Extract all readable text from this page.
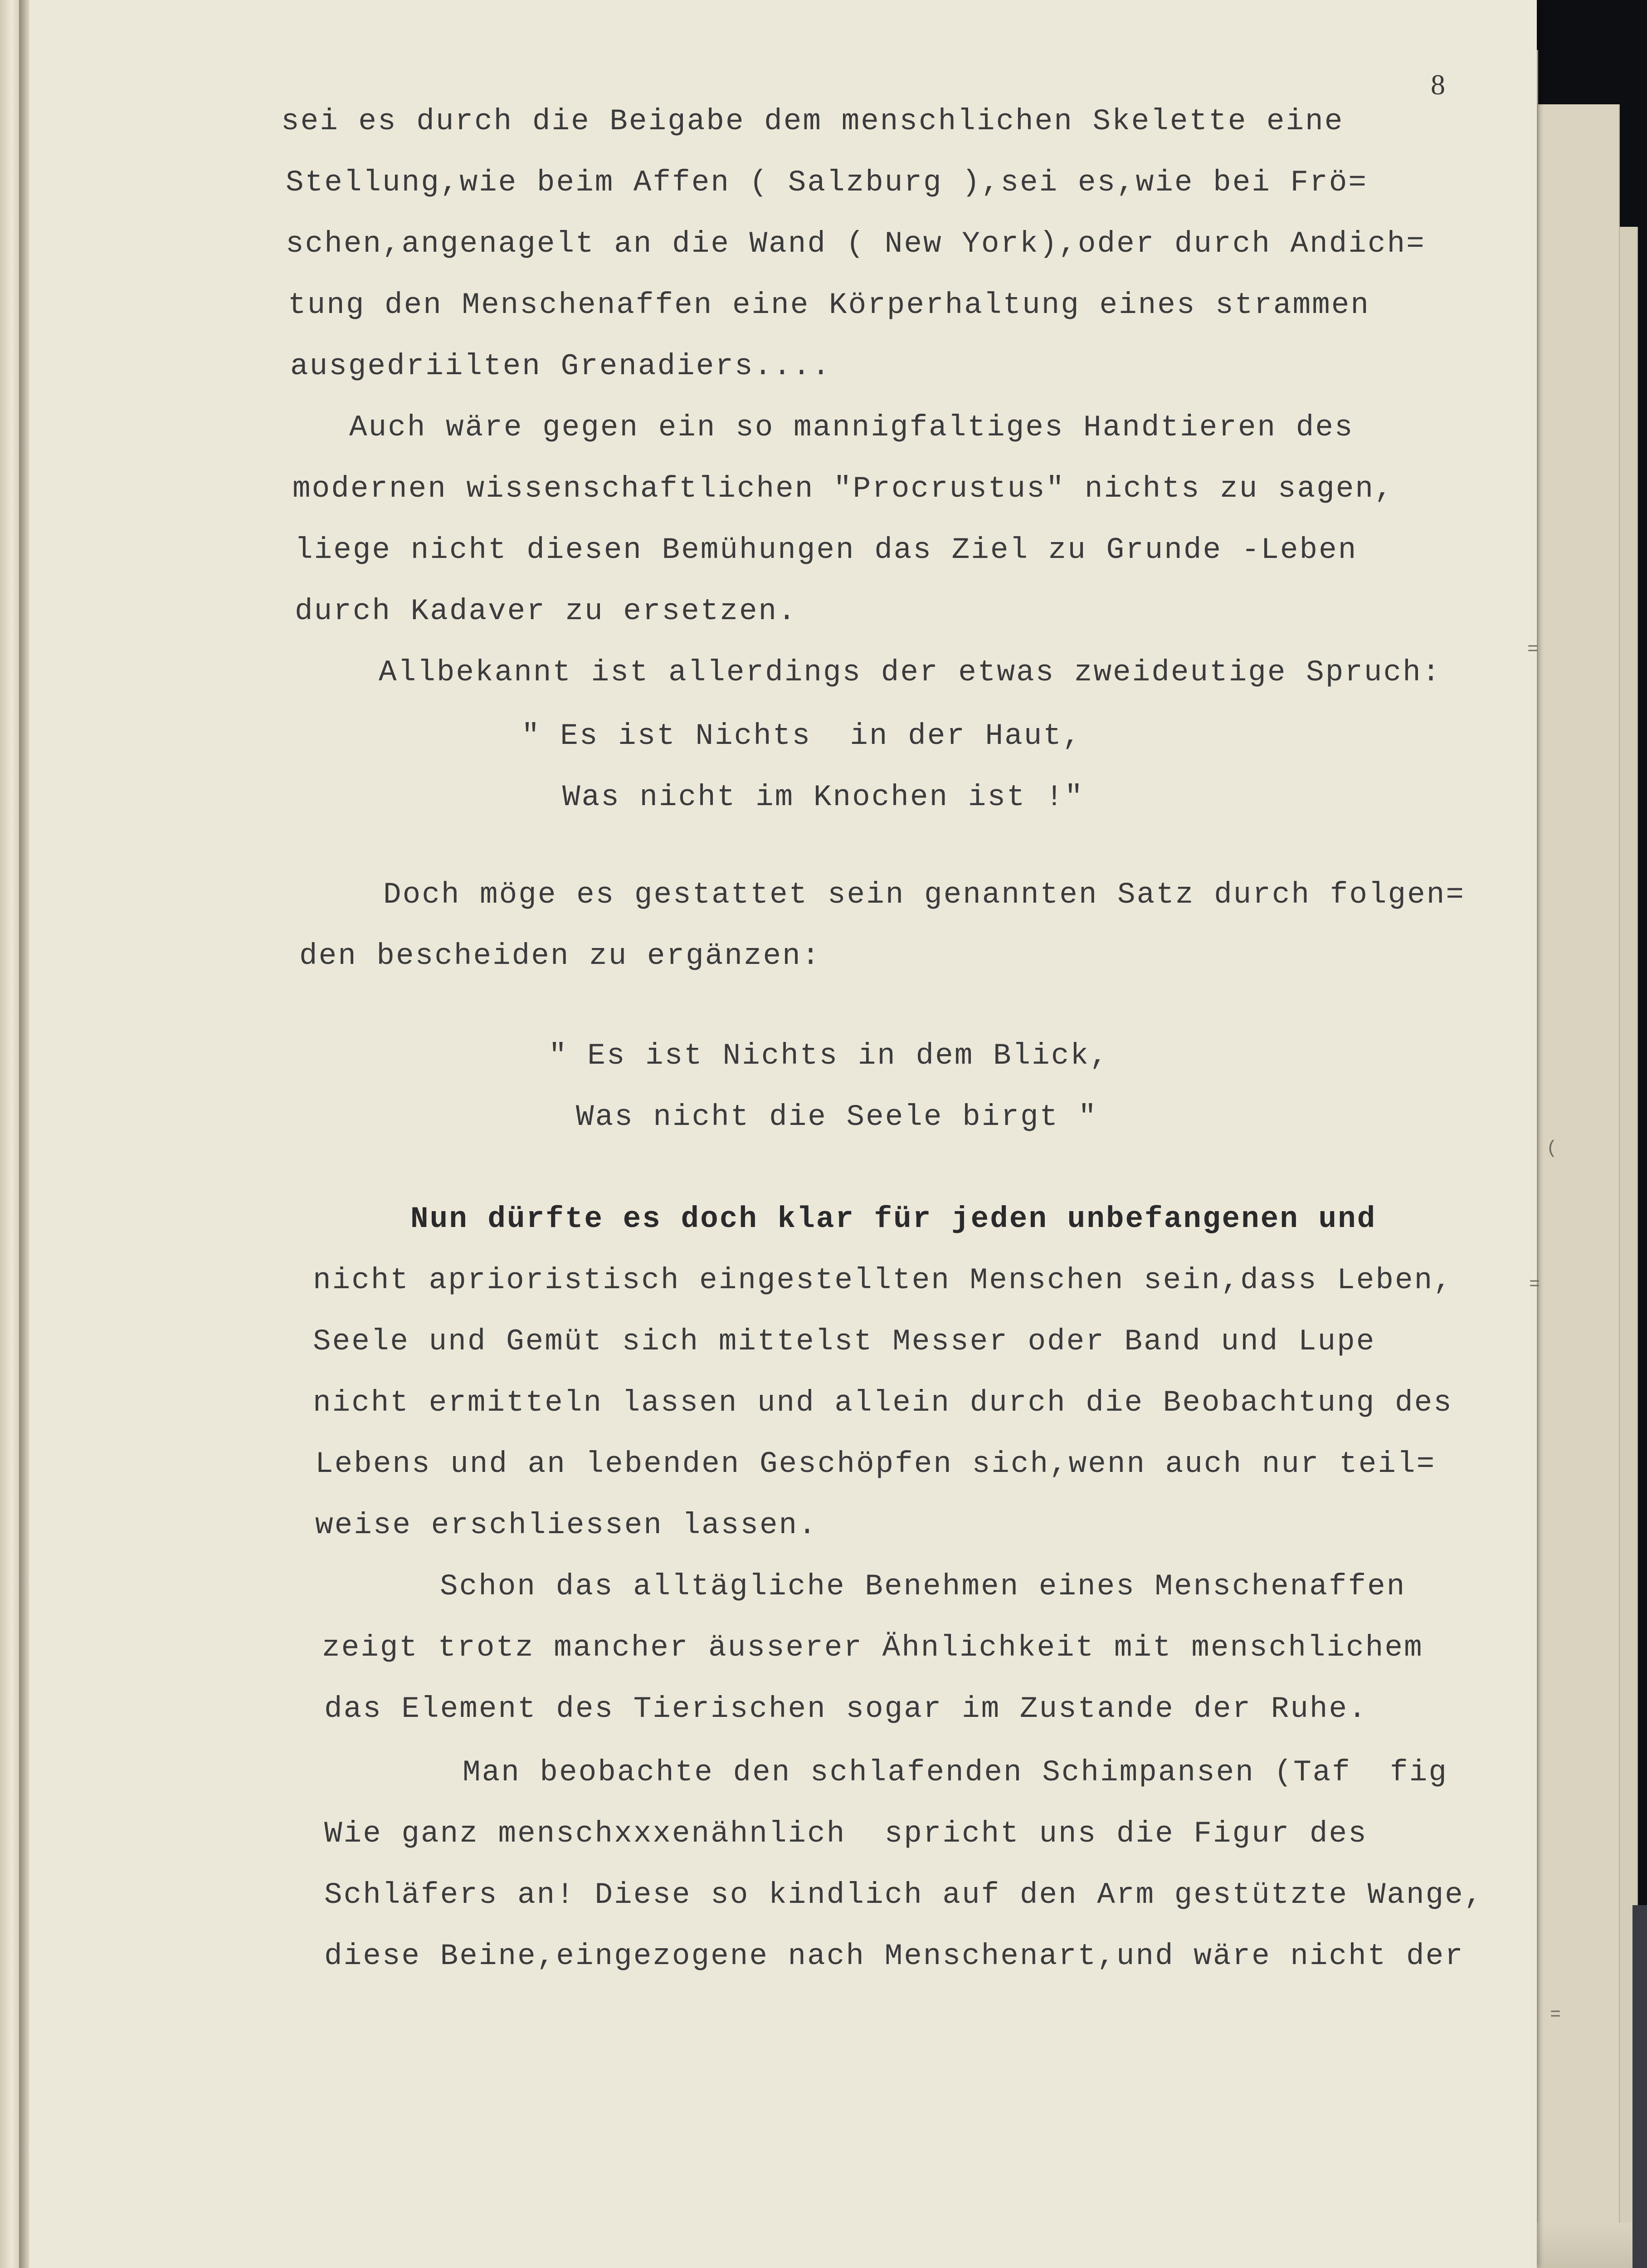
8
=
=
(
=
sei es durch die Beigabe dem menschlichen Skelette eine
Stellung,wie beim Affen ( Salzburg ),sei es,wie bei Frö=
schen,angenagelt an die Wand ( New York),oder durch Andich=
tung den Menschenaffen eine Körperhaltung eines strammen
ausgedriilten Grenadiers....
Auch wäre gegen ein so mannigfaltiges Handtieren des
modernen wissenschaftlichen "Procrustus" nichts zu sagen,
liege nicht diesen Bemühungen das Ziel zu Grunde -Leben
durch Kadaver zu ersetzen.
Allbekannt ist allerdings der etwas zweideutige Spruch:
" Es ist Nichts  in der Haut,
Was nicht im Knochen ist !"
Doch möge es gestattet sein genannten Satz durch folgen=
den bescheiden zu ergänzen:
" Es ist Nichts in dem Blick,
Was nicht die Seele birgt "
Nun dürfte es doch klar für jeden unbefangenen und
nicht aprioristisch eingestellten Menschen sein,dass Leben,
Seele und Gemüt sich mittelst Messer oder Band und Lupe
nicht ermitteln lassen und allein durch die Beobachtung des
Lebens und an lebenden Geschöpfen sich,wenn auch nur teil=
weise erschliessen lassen.
Schon das alltägliche Benehmen eines Menschenaffen
zeigt trotz mancher äusserer Ähnlichkeit mit menschlichem
das Element des Tierischen sogar im Zustande der Ruhe.
Man beobachte den schlafenden Schimpansen (Taf  fig
Wie ganz menschxxxenähnlich  spricht uns die Figur des
Schläfers an! Diese so kindlich auf den Arm gestützte Wange,
diese Beine,eingezogene nach Menschenart,und wäre nicht der
